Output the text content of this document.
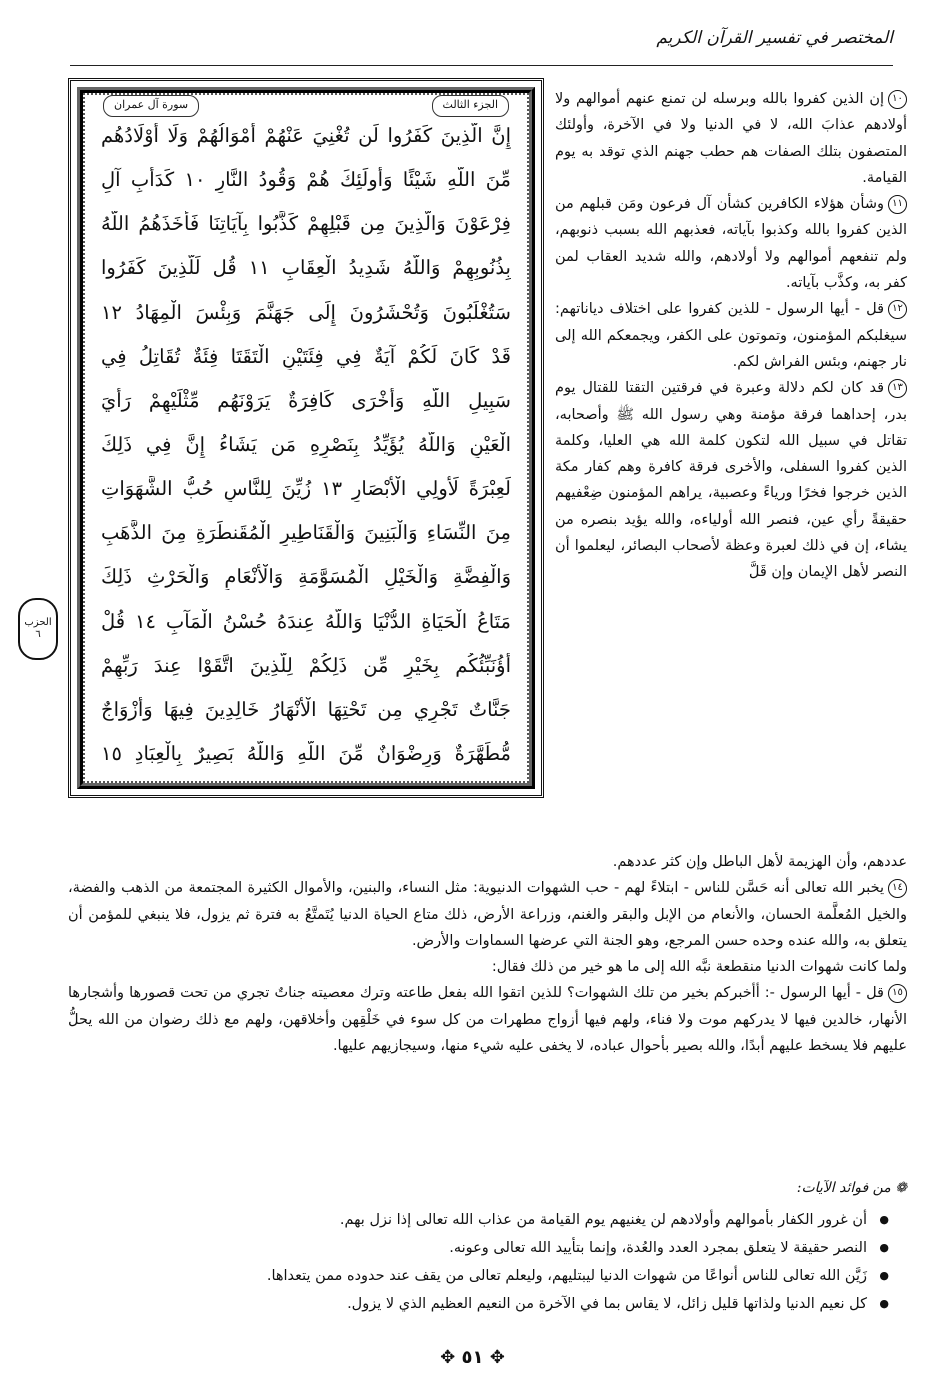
المختصر في تفسير القرآن الكريم
الجزء الثالث
سورة آل عمران
إِنَّ الَّذِينَ كَفَرُوا لَن تُغْنِيَ عَنْهُمْ أَمْوَالُهُمْ وَلَا أَوْلَادُهُم
مِّنَ اللَّهِ شَيْئًا وَأُولَئِكَ هُمْ وَقُودُ النَّارِ ١٠ كَدَأْبِ آلِ
فِرْعَوْنَ وَالَّذِينَ مِن قَبْلِهِمْ كَذَّبُوا بِآيَاتِنَا فَأَخَذَهُمُ اللَّهُ
بِذُنُوبِهِمْ وَاللَّهُ شَدِيدُ الْعِقَابِ ١١ قُل لِّلَّذِينَ كَفَرُوا
سَتُغْلَبُونَ وَتُحْشَرُونَ إِلَى جَهَنَّمَ وَبِئْسَ الْمِهَادُ ١٢
قَدْ كَانَ لَكُمْ آيَةٌ فِي فِئَتَيْنِ الْتَقَتَا فِئَةٌ تُقَاتِلُ فِي
سَبِيلِ اللَّهِ وَأُخْرَى كَافِرَةٌ يَرَوْنَهُم مِّثْلَيْهِمْ رَأْيَ
الْعَيْنِ وَاللَّهُ يُؤَيِّدُ بِنَصْرِهِ مَن يَشَاءُ إِنَّ فِي ذَلِكَ
لَعِبْرَةً لِّأُولِي الْأَبْصَارِ ١٣ زُيِّنَ لِلنَّاسِ حُبُّ الشَّهَوَاتِ
مِنَ النِّسَاءِ وَالْبَنِينَ وَالْقَنَاطِيرِ الْمُقَنطَرَةِ مِنَ الذَّهَبِ
وَالْفِضَّةِ وَالْخَيْلِ الْمُسَوَّمَةِ وَالْأَنْعَامِ وَالْحَرْثِ ذَلِكَ
مَتَاعُ الْحَيَاةِ الدُّنْيَا وَاللَّهُ عِندَهُ حُسْنُ الْمَآبِ ١٤ قُلْ
أَؤُنَبِّئُكُم بِخَيْرٍ مِّن ذَلِكُمْ لِلَّذِينَ اتَّقَوْا عِندَ رَبِّهِمْ
جَنَّاتٌ تَجْرِي مِن تَحْتِهَا الْأَنْهَارُ خَالِدِينَ فِيهَا وَأَزْوَاجٌ
مُّطَهَّرَةٌ وَرِضْوَانٌ مِّنَ اللَّهِ وَاللَّهُ بَصِيرٌ بِالْعِبَادِ ١٥
الحزب
٦

١٠إن الذين كفروا بالله وبرسله لن تمنع عنهم أموالهم ولا أولادهم عذابَ الله، لا في الدنيا ولا في الآخرة، وأولئك المتصفون بتلك الصفات هم حطب جهنم الذي توقد به يوم القيامة.

١١وشأن هؤلاء الكافرين كشأن آل فرعون ومَن قبلهم من الذين كفروا بالله وكذبوا بآياته، فعذبهم الله بسبب ذنوبهم، ولم تنفعهم أموالهم ولا أولادهم، والله شديد العقاب لمن كفر به، وكذَّب بآياته.

١٢قل - أيها الرسول - للذين كفروا على اختلاف دياناتهم: سيغلبكم المؤمنون، وتموتون على الكفر، ويجمعكم الله إلى نار جهنم، وبئس الفراش لكم.

١٣قد كان لكم دلالة وعبرة في فرقتين التقتا للقتال يوم بدر، إحداهما فرقة مؤمنة وهي رسول الله ﷺ وأصحابه، تقاتل في سبيل الله لتكون كلمة الله هي العليا، وكلمة الذين كفروا السفلى، والأخرى فرقة كافرة وهم كفار مكة الذين خرجوا فخرًا ورياءً وعصبية، يراهم المؤمنون ضِعْفيهم حقيقةً رأي عين، فنصر الله أولياءه، والله يؤيد بنصره من يشاء، إن في ذلك لعبرة وعظة لأصحاب البصائر، ليعلموا أن النصر لأهل الإيمان وإن قَلَّ

عددهم، وأن الهزيمة لأهل الباطل وإن كثر عددهم.

١٤يخبر الله تعالى أنه حَسَّن للناس - ابتلاءً لهم - حب الشهوات الدنيوية: مثل النساء، والبنين، والأموال الكثيرة المجتمعة من الذهب والفضة، والخيل المُعلَّمة الحسان، والأنعام من الإبل والبقر والغنم، وزراعة الأرض، ذلك متاع الحياة الدنيا يُتَمتَّعُ به فترة ثم يزول، فلا ينبغي للمؤمن أن يتعلق به، والله عنده وحده حسن المرجع، وهو الجنة التي عرضها السماوات والأرض.

ولما كانت شهوات الدنيا منقطعة نبَّه الله إلى ما هو خير من ذلك فقال:

١٥قل - أيها الرسول -: أأخبركم بخير من تلك الشهوات؟ للذين اتقوا الله بفعل طاعته وترك معصيته جناتٌ تجري من تحت قصورها وأشجارها الأنهار، خالدين فيها لا يدركهم موت ولا فناء، ولهم فيها أزواج مطهرات من كل سوء في خَلْقِهن وأخلاقهن، ولهم مع ذلك رضوان من الله يحلُّ عليهم فلا يسخط عليهم أبدًا، والله بصير بأحوال عباده، لا يخفى عليه شيء منها، وسيجازيهم عليها.

❁ من فوائد الآيات:
● أن غرور الكفار بأموالهم وأولادهم لن يغنيهم يوم القيامة من عذاب الله تعالى إذا نزل بهم.
● النصر حقيقة لا يتعلق بمجرد العدد والعُدة، وإنما بتأييد الله تعالى وعونه.
● زَيَّن الله تعالى للناس أنواعًا من شهوات الدنيا ليبتليهم، وليعلم تعالى من يقف عند حدوده ممن يتعداها.
● كل نعيم الدنيا ولذاتها قليل زائل، لا يقاس بما في الآخرة من النعيم العظيم الذي لا يزول.
✥ ٥١ ✥
